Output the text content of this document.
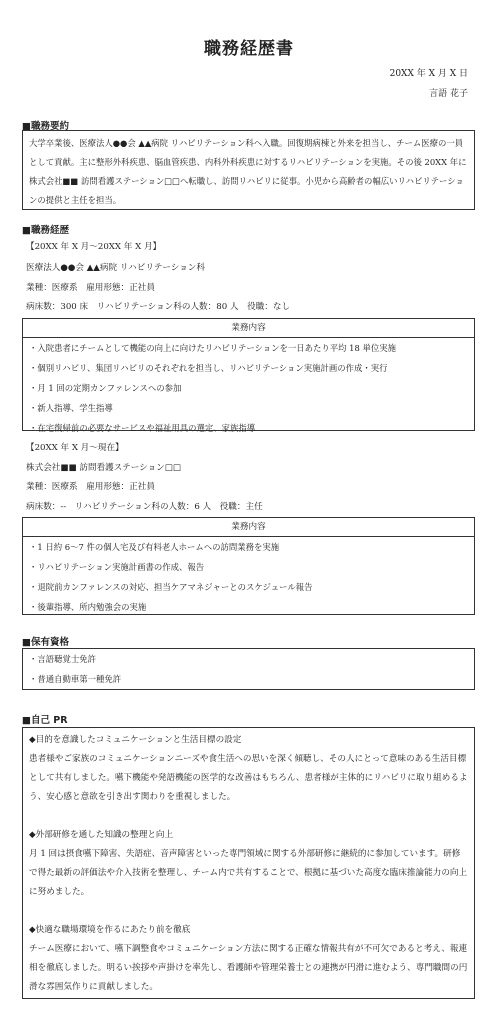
職務経歴書
20XX 年 X 月 X 日
言語 花子
■職務要約
大学卒業後、医療法人●●会 ▲▲病院 リハビリテーション科へ入職。回復期病棟と外来を担当し、チーム医療の一員として貢献。主に整形外科疾患、脳血管疾患、内科外科疾患に対するリハビリテーションを実施。その後 20XX 年に株式会社■■ 訪問看護ステーション□□へ転職し、訪問リハビリに従事。小児から高齢者の幅広いリハビリテーションの提供と主任を担当。
■職務経歴
【20XX 年 X 月～20XX 年 X 月】
医療法人●●会 ▲▲病院 リハビリテーション科
業種：医療系　雇用形態：正社員
病床数：300 床　リハビリテーション科の人数：80 人　役職：なし
業務内容
・入院患者にチームとして機能の向上に向けたリハビリテーションを一日あたり平均 18 単位実施
・個別リハビリ、集団リハビリのそれぞれを担当し、リハビリテーション実施計画の作成・実行
・月 1 回の定期カンファレンスへの参加
・新人指導、学生指導
・在宅復帰前の必要なサービスや福祉用具の選定、家族指導
【20XX 年 X 月～現在】
株式会社■■ 訪問看護ステーション□□
業種：医療系　雇用形態：正社員
病床数：--　リハビリテーション科の人数：6 人　役職：主任
業務内容
・1 日約 6～7 件の個人宅及び有料老人ホームへの訪問業務を実施
・リハビリテーション実施計画書の作成、報告
・退院前カンファレンスの対応、担当ケアマネジャーとのスケジュール報告
・後輩指導、所内勉強会の実施
■保有資格
・言語聴覚士免許
・普通自動車第一種免許
■自己 PR
◆目的を意識したコミュニケーションと生活目標の設定
患者様やご家族のコミュニケーションニーズや食生活への思いを深く傾聴し、その人にとって意味のある生活目標として共有しました。嚥下機能や発語機能の医学的な改善はもちろん、患者様が主体的にリハビリに取り組めるよう、安心感と意欲を引き出す関わりを重視しました。
◆外部研修を通した知識の整理と向上
月 1 回は摂食嚥下障害、失語症、音声障害といった専門領域に関する外部研修に継続的に参加しています。研修で得た最新の評価法や介入技術を整理し、チーム内で共有することで、根拠に基づいた高度な臨床推論能力の向上に努めました。
◆快適な職場環境を作るにあたり前を徹底
チーム医療において、嚥下調整食やコミュニケーション方法に関する正確な情報共有が不可欠であると考え、報連相を徹底しました。明るい挨拶や声掛けを率先し、看護師や管理栄養士との連携が円滑に進むよう、専門職間の円滑な雰囲気作りに貢献しました。
